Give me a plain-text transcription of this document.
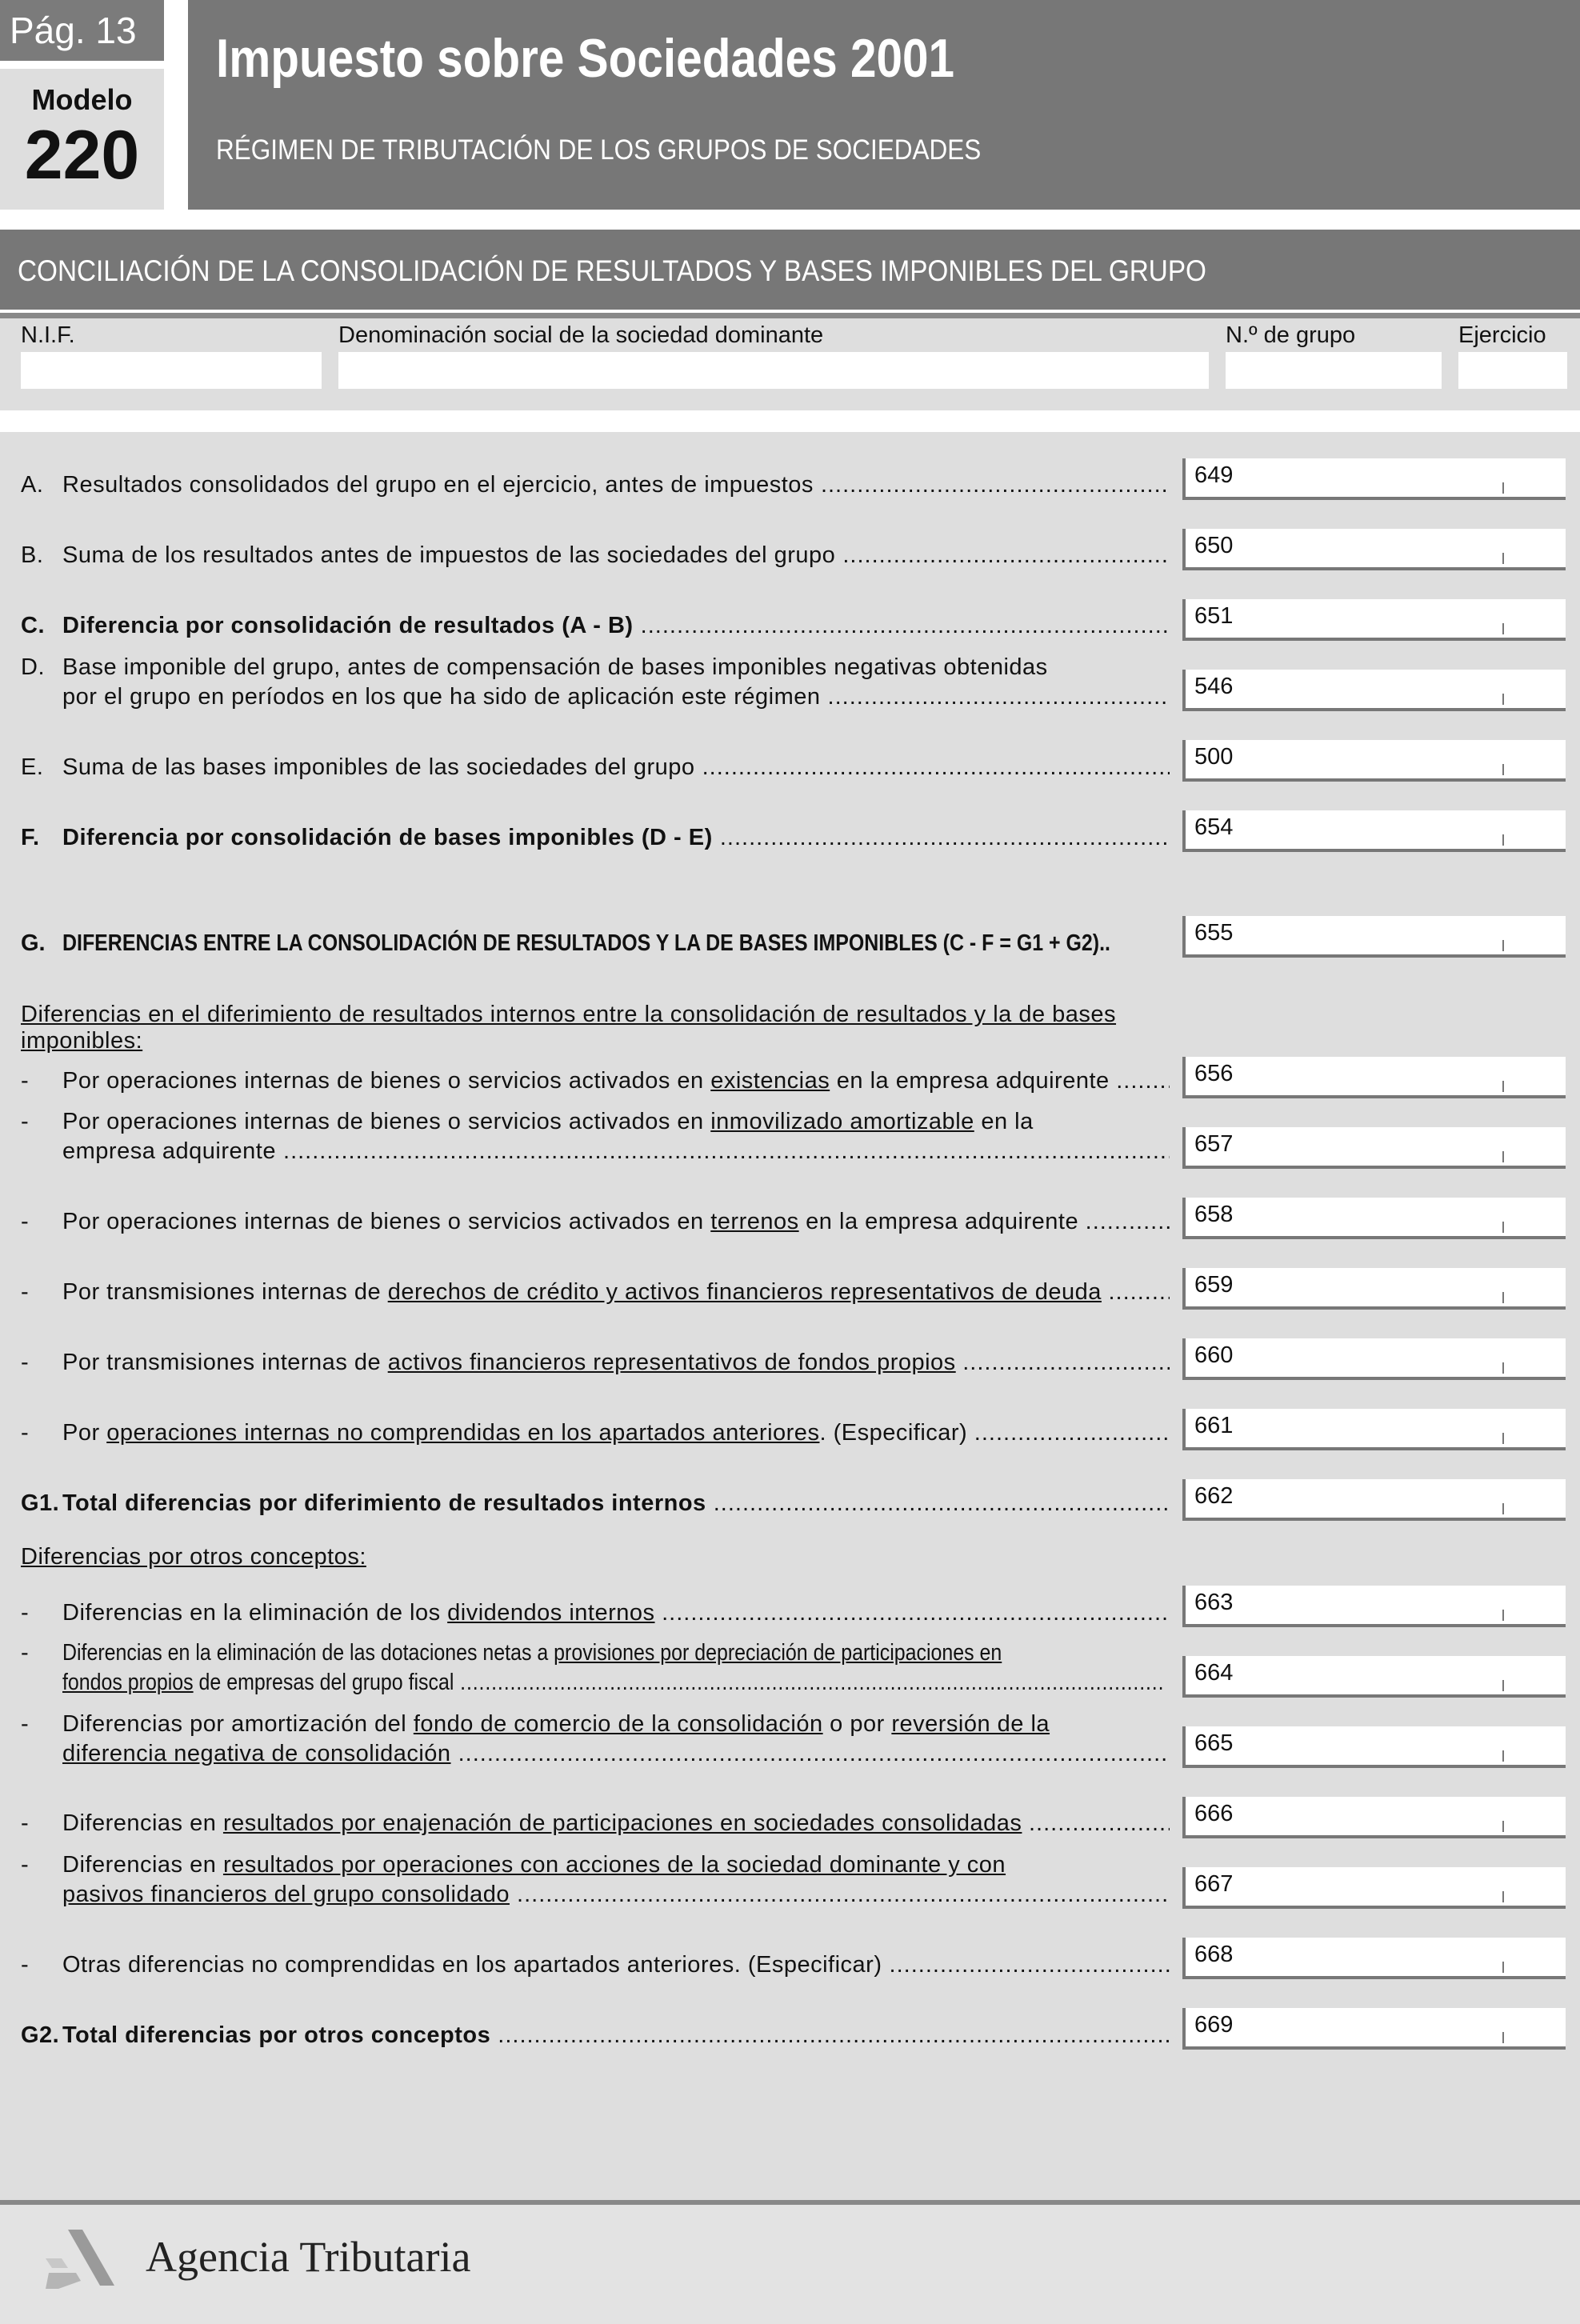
Pág. 13
Modelo
220
Impuesto sobre Sociedades 2001
RÉGIMEN DE TRIBUTACIÓN DE LOS GRUPOS DE SOCIEDADES
CONCILIACIÓN DE LA CONSOLIDACIÓN DE RESULTADOS Y BASES IMPONIBLES DEL GRUPO
N.I.F.	Denominación social de la sociedad dominante	N.º de grupo	Ejercicio
A. Resultados consolidados del grupo en el ejercicio, antes de impuestos .....	649
B. Suma de los resultados antes de impuestos de las sociedades del grupo .....	650
C. Diferencia por consolidación de resultados (A - B) .....	651
D. Base imponible del grupo, antes de compensación de bases imponibles negativas obtenidas
por el grupo en períodos en los que ha sido de aplicación este régimen .....	546
E. Suma de las bases imponibles de las sociedades del grupo .....	500
F. Diferencia por consolidación de bases imponibles (D - E) .....	654
G. DIFERENCIAS ENTRE LA CONSOLIDACIÓN DE RESULTADOS Y LA DE BASES IMPONIBLES (C - F = G1 + G2)..	655
Diferencias en el diferimiento de resultados internos entre la consolidación de resultados y la de bases
imponibles:
- Por operaciones internas de bienes o servicios activados en existencias en la empresa adquirente .....	656
- Por operaciones internas de bienes o servicios activados en inmovilizado amortizable en la
empresa adquirente .....	657
- Por operaciones internas de bienes o servicios activados en terrenos en la empresa adquirente .....	658
- Por transmisiones internas de derechos de crédito y activos financieros representativos de deuda .....	659
- Por transmisiones internas de activos financieros representativos de fondos propios .....	660
- Por operaciones internas no comprendidas en los apartados anteriores. (Especificar) .....	661
G1. Total diferencias por diferimiento de resultados internos .....	662
Diferencias por otros conceptos:
- Diferencias en la eliminación de los dividendos internos .....	663
- Diferencias en la eliminación de las dotaciones netas a provisiones por depreciación de participaciones en
fondos propios de empresas del grupo fiscal .....	664
- Diferencias por amortización del fondo de comercio de la consolidación o por reversión de la
diferencia negativa de consolidación .....	665
- Diferencias en resultados por enajenación de participaciones en sociedades consolidadas .....	666
- Diferencias en resultados por operaciones con acciones de la sociedad dominante y con
pasivos financieros del grupo consolidado .....	667
- Otras diferencias no comprendidas en los apartados anteriores. (Especificar) .....	668
G2. Total diferencias por otros conceptos .....	669
Agencia Tributaria
